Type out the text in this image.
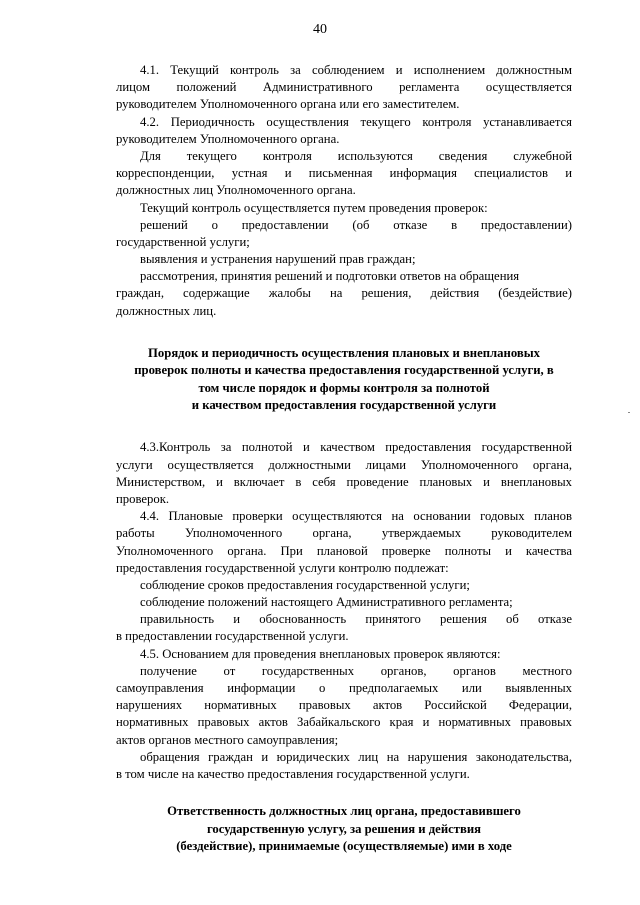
40
4.1. Текущий контроль за соблюдением и исполнением должностным
лицом положений Административного регламента осуществляется
руководителем Уполномоченного органа или его заместителем.
4.2. Периодичность осуществления текущего контроля устанавливается
руководителем Уполномоченного органа.
Для текущего контроля используются сведения служебной
корреспонденции, устная и письменная информация специалистов и
должностных лиц Уполномоченного органа.
Текущий контроль осуществляется путем проведения проверок:
решений о предоставлении (об отказе в предоставлении)
государственной услуги;
выявления и устранения нарушений прав граждан;
рассмотрения, принятия решений и подготовки ответов на обращения
граждан, содержащие жалобы на решения, действия (бездействие)
должностных лиц.
Порядок и периодичность осуществления плановых и внеплановых
проверок полноты и качества предоставления государственной услуги, в
том числе порядок и формы контроля за полнотой
и качеством предоставления государственной услуги
4.3.Контроль за полнотой и качеством предоставления государственной
услуги осуществляется должностными лицами Уполномоченного органа,
Министерством, и включает в себя проведение плановых и внеплановых
проверок.
4.4. Плановые проверки осуществляются на основании годовых планов
работы Уполномоченного органа, утверждаемых руководителем
Уполномоченного органа. При плановой проверке полноты и качества
предоставления государственной услуги контролю подлежат:
соблюдение сроков предоставления государственной услуги;
соблюдение положений настоящего Административного регламента;
правильность и обоснованность принятого решения об отказе
в предоставлении государственной услуги.
4.5. Основанием для проведения внеплановых проверок являются:
получение от государственных органов, органов местного
самоуправления информации о предполагаемых или выявленных
нарушениях нормативных правовых актов Российской Федерации,
нормативных правовых актов Забайкальского края и нормативных правовых
актов органов местного самоуправления;
обращения граждан и юридических лиц на нарушения законодательства,
в том числе на качество предоставления государственной услуги.
Ответственность должностных лиц органа, предоставившего
государственную услугу, за решения и действия
(бездействие), принимаемые (осуществляемые) ими в ходе
